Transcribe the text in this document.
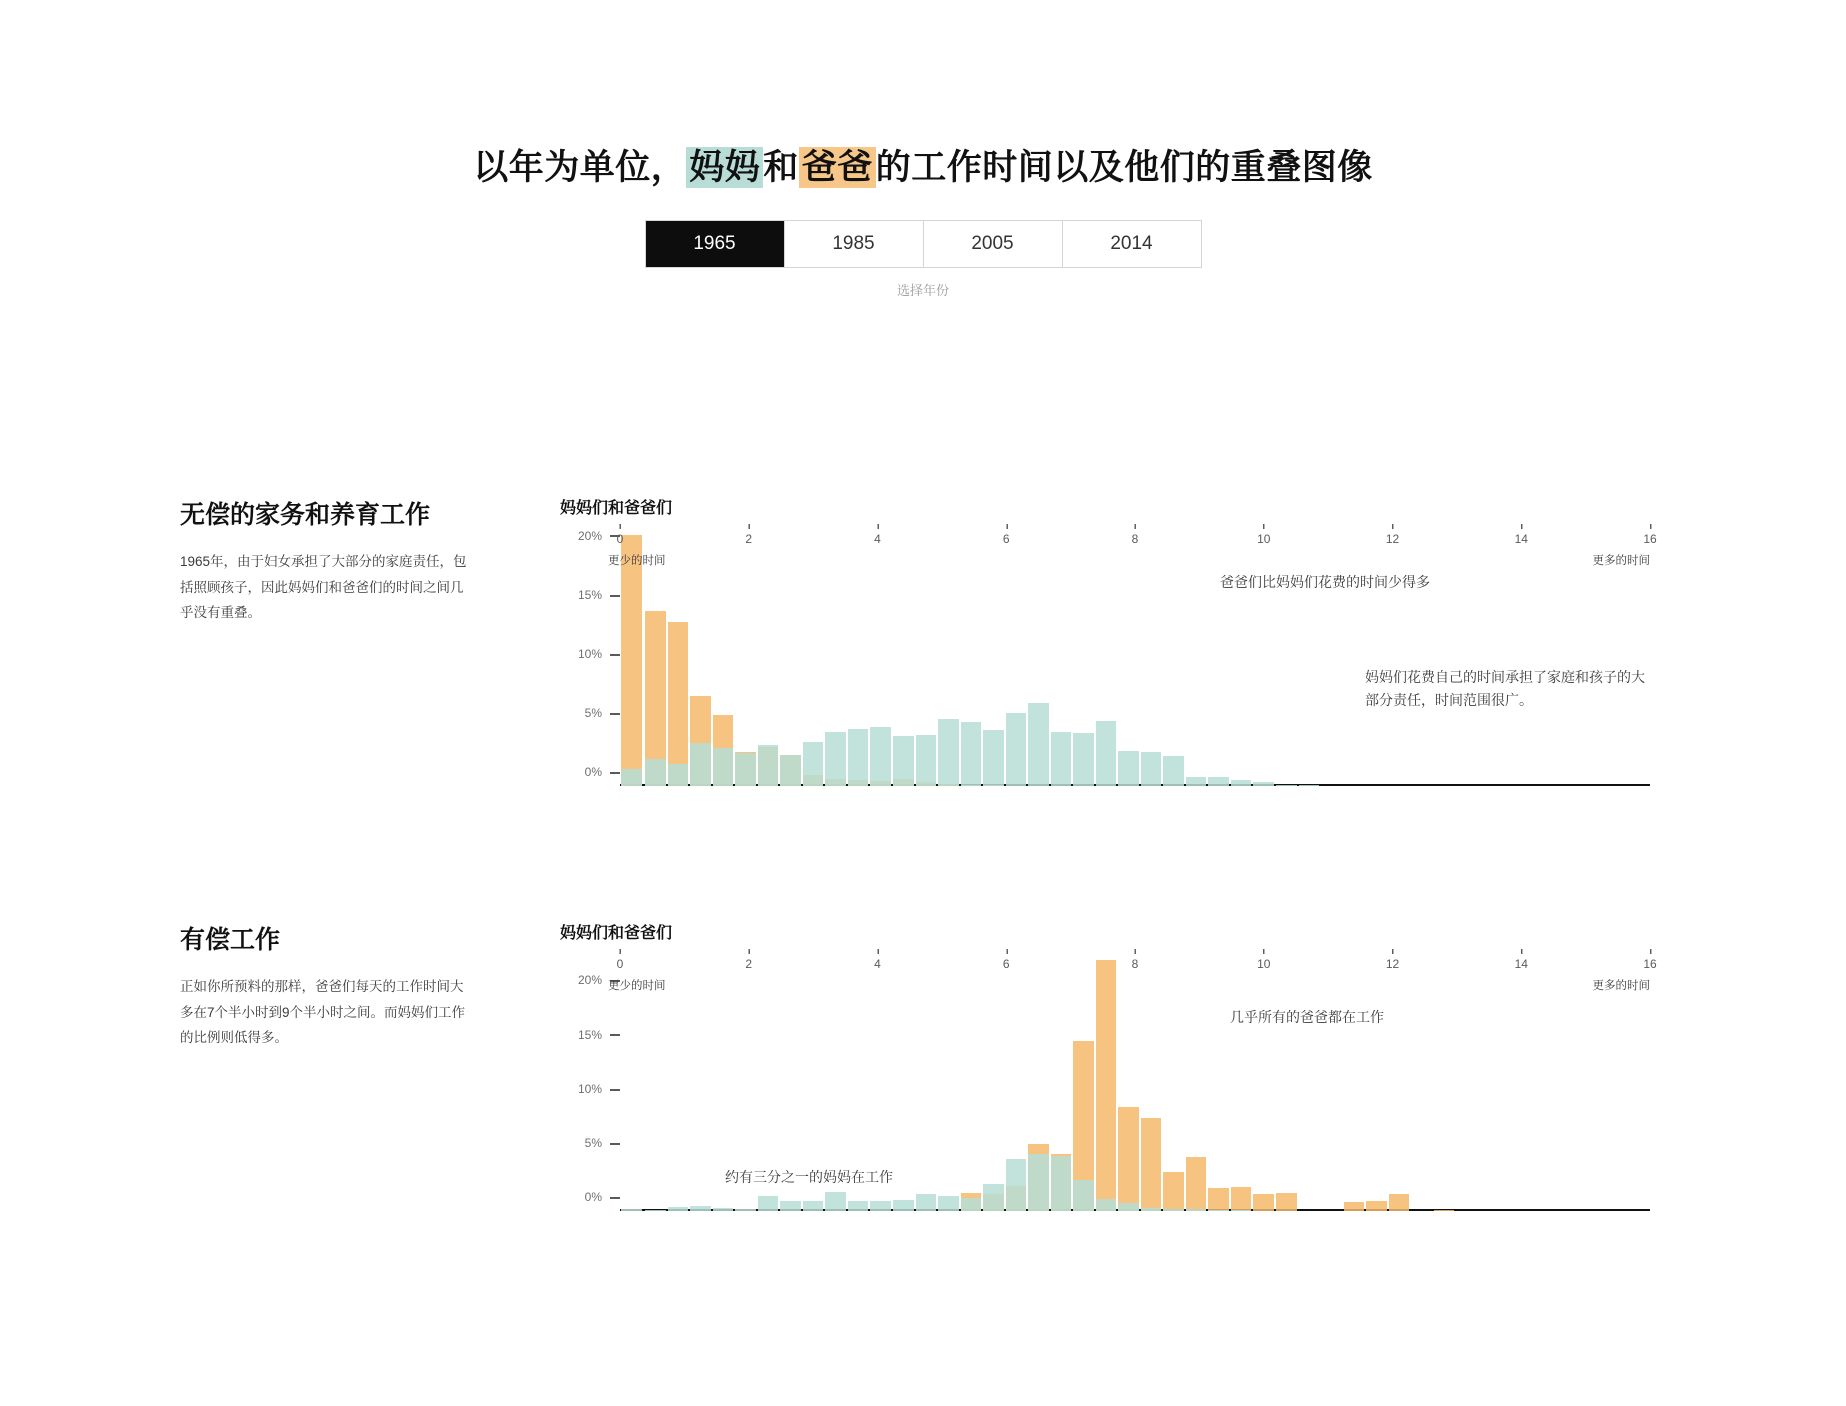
以年为单位，妈妈和爸爸的工作时间以及他们的重叠图像
1965	1985	2005	2014
选择年份
无偿的家务和养育工作

1965年，由于妇女承担了大部分的家庭责任，包括照顾孩子，因此妈妈们和爸爸们的时间之间几乎没有重叠。

妈妈们和爸爸们
0%
5%
10%
15%
20%	0	2	4	6	8	10	12	14	16
更少的时间	更多的时间
爸爸们比妈妈们花费的时间少得多
妈妈们花费自己的时间承担了家庭和孩子的大部分责任，时间范围很广。
有偿工作

正如你所预料的那样，爸爸们每天的工作时间大多在7个半小时到9个半小时之间。而妈妈们工作的比例则低得多。

妈妈们和爸爸们
0%
5%
10%
15%
20%
0	2	4	6	8	10	12	14	16
更少的时间	更多的时间
几乎所有的爸爸都在工作
约有三分之一的妈妈在工作
